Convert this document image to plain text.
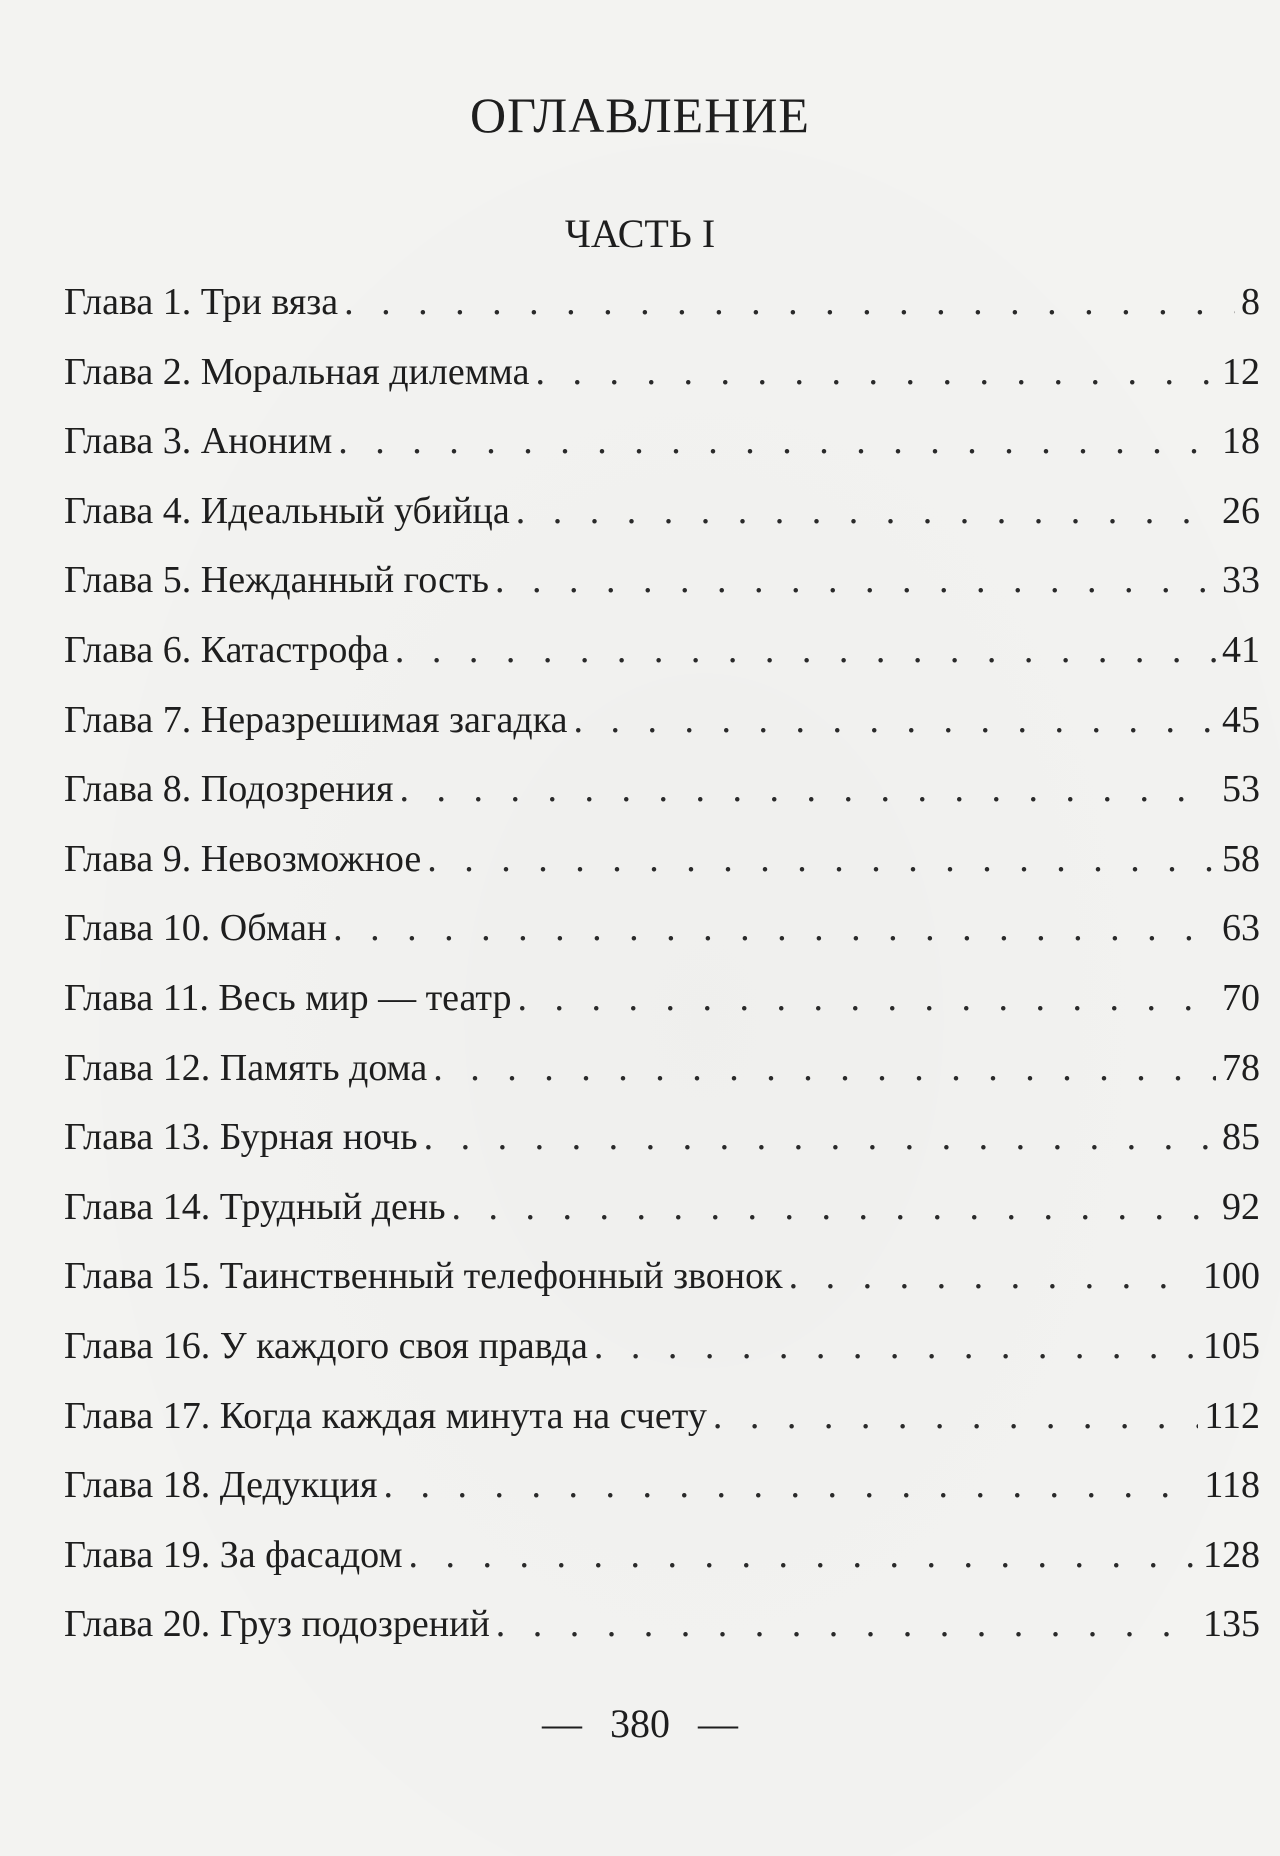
ОГЛАВЛЕНИЕ
ЧАСТЬ I
Глава 1. Три вяза . . .	8
Глава 2. Моральная дилемма . . .	12
Глава 3. Аноним . . .	18
Глава 4. Идеальный убийца . . .	26
Глава 5. Нежданный гость . . .	33
Глава 6. Катастрофа . . .	41
Глава 7. Неразрешимая загадка . . .	45
Глава 8. Подозрения . . .	53
Глава 9. Невозможное . . .	58
Глава 10. Обман . . .	63
Глава 11. Весь мир — театр . . .	70
Глава 12. Память дома . . .	78
Глава 13. Бурная ночь . . .	85
Глава 14. Трудный день . . .	92
Глава 15. Таинственный телефонный звонок . . .	100
Глава 16. У каждого своя правда . . .	105
Глава 17. Когда каждая минута на счету . . .	112
Глава 18. Дедукция . . .	118
Глава 19. За фасадом . . .	128
Глава 20. Груз подозрений . . .	135
— 380 —
